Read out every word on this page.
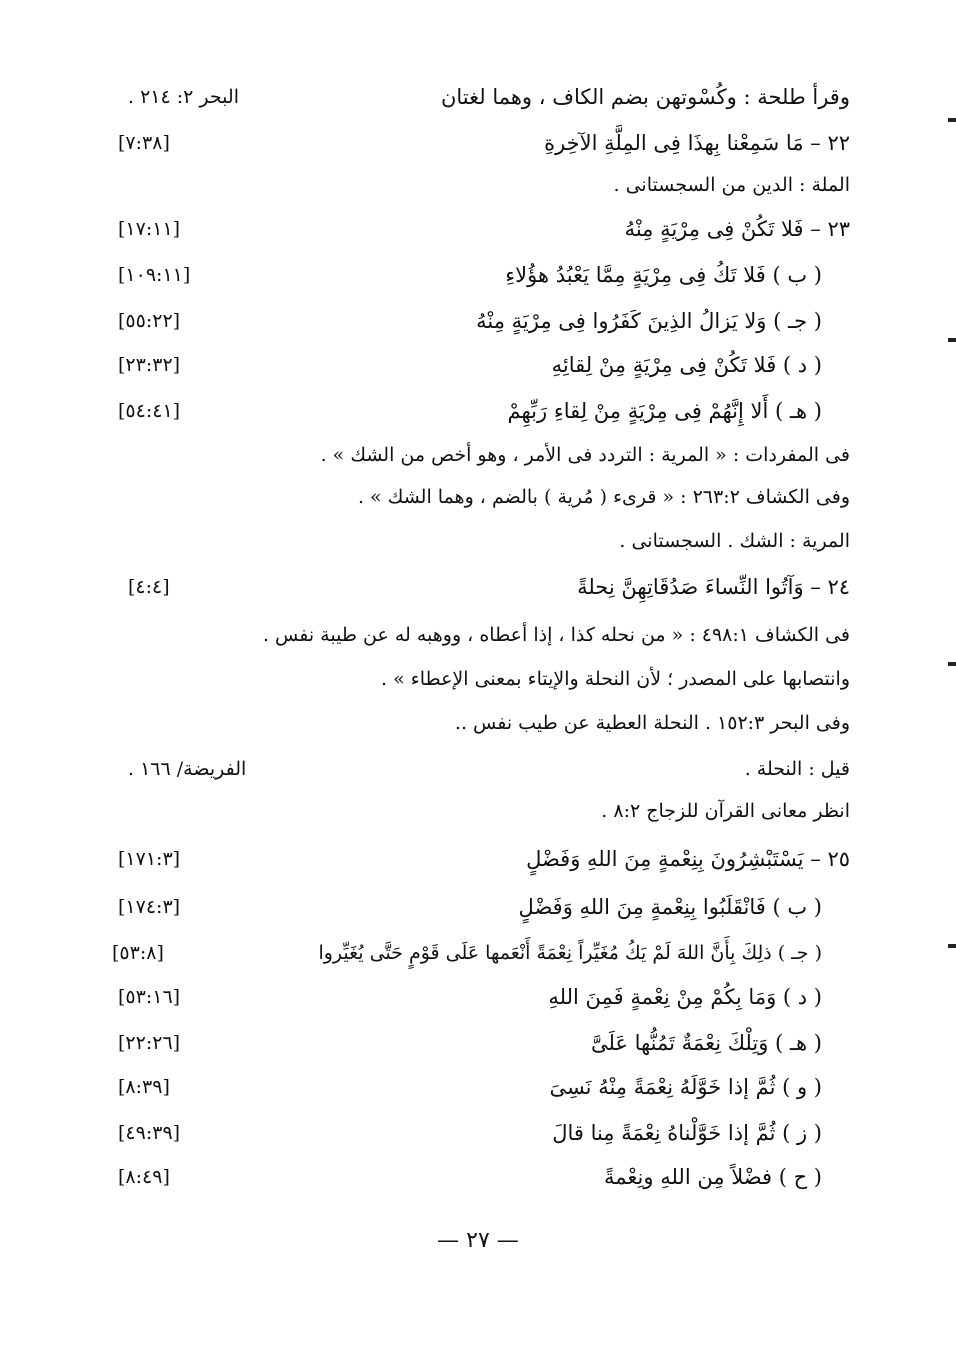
وقرأ طلحة : وكُسْوتهن بضم الكاف ، وهما لغتان
البحر ٢: ٢١٤ .
٢٢ – مَا سَمِعْنا بِهذَا فِى المِلَّةِ الآخِرةِ
[٧:٣٨]
الملة : الدين من السجستانى .
٢٣ – فَلا تَكُنْ فِى مِرْيَةٍ مِنْهُ
[١٧:١١]
( ب ) فَلا تَكُ فِى مِرْيَةٍ مِمَّا يَعْبُدُ هؤُلاءِ
[١٠٩:١١]
( جـ ) وَلا يَزالُ الذِينَ كَفَرُوا فِى مِرْيَةٍ مِنْهُ
[٥٥:٢٢]
( د ) فَلا تَكُنْ فِى مِرْيَةٍ مِنْ لِقائِهِ
[٢٣:٣٢]
( هـ ) أَلا إِنَّهُمْ فِى مِرْيَةٍ مِنْ لِقاءِ رَبِّهِمْ
[٥٤:٤١]
فى المفردات : « المرية : التردد فى الأمر ، وهو أخص من الشك » .
وفى الكشاف ٢٦٣:٢ : « قرىء ( مُرية ) بالضم ، وهما الشك » .
المرية : الشك . السجستانى .
٢٤ – وَآتُوا النِّساءَ صَدُقَاتِهِنَّ نِحلةً
[٤:٤]
فى الكشاف ٤٩٨:١ : « من نحله كذا ، إذا أعطاه ، ووهبه له عن طيبة نفس .
وانتصابها على المصدر ؛ لأن النحلة والإيتاء بمعنى الإعطاء » .
وفى البحر ١٥٢:٣ . النحلة العطية عن طيب نفس ..
قيل : النحلة .
الفريضة/ ١٦٦ .
انظر معانى القرآن للزجاج ٨:٢ .
٢٥ – يَسْتَبْشِرُونَ بِنِعْمةٍ مِنَ اللهِ وَفَضْلٍ
[١٧١:٣]
( ب ) فَانْقَلَبُوا بِنِعْمةٍ مِنَ اللهِ وَفَضْلٍ
[١٧٤:٣]
( جـ ) ذلِكَ بِأَنَّ اللهَ لَمْ يَكُ مُغَيِّراً نِعْمَةً أَنْعَمها عَلَى قَوْمٍ حَتَّى يُغَيِّروا
[٥٣:٨]
( د ) وَمَا بِكُمْ مِنْ نِعْمةٍ فَمِنَ اللهِ
[٥٣:١٦]
( هـ ) وَتِلْكَ نِعْمَةٌ تَمُنُّها عَلَىَّ
[٢٢:٢٦]
( و ) ثُمَّ إذا خَوَّلَهُ نِعْمَةً مِنْهُ نَسِىَ
[٨:٣٩]
( ز ) ثُمَّ إذا خَوَّلْناهُ نِعْمَةً مِنا قالَ
[٤٩:٣٩]
( ح ) فضْلاً مِن اللهِ ونِعْمةً
[٨:٤٩]
— ٢٧ —
